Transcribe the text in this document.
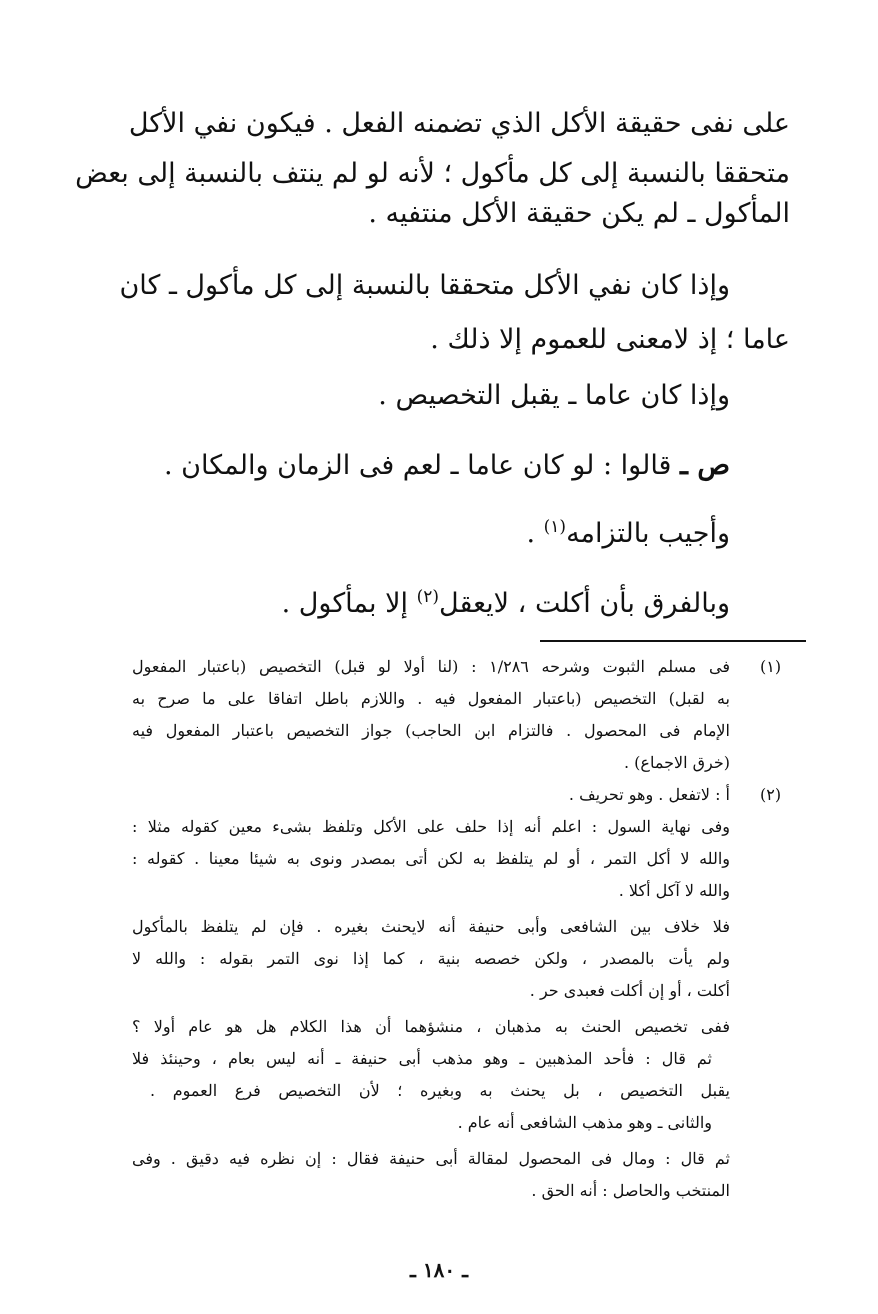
على نفى حقيقة الأكل الذي تضمنه الفعل . فيكون نفي الأكل
متحققا بالنسبة إلى كل مأكول ؛ لأنه لو لم ينتف بالنسبة إلى بعض
المأكول ـ لم يكن حقيقة الأكل منتفيه .
وإذا كان نفي الأكل متحققا بالنسبة إلى كل مأكول ـ كان
عاما ؛ إذ لامعنى للعموم إلا ذلك .
وإذا كان عاما ـ يقبل التخصيص .
ص ـ قالوا : لو كان عاما ـ لعم فى الزمان والمكان .
وأجيب بالتزامه$^{(١)}$ .
وبالفرق بأن أكلت ، لايعقل$^{(٢)}$ إلا بمأكول .
(١)
(٢)
فى مسلم الثبوت وشرحه ١/٢٨٦ : (لنا أولا لو قبل) التخصيص (باعتبار المفعول
به لقبل) التخصيص (باعتبار المفعول فيه . واللازم باطل اتفاقا على ما صرح به
الإمام فى المحصول . فالتزام ابن الحاجب) جواز التخصيص باعتبار المفعول فيه
(خرق الاجماع) .
أ : لاتفعل . وهو تحريف .
وفى نهاية السول : اعلم أنه إذا حلف على الأكل وتلفظ بشىء معين كقوله مثلا :
والله لا أكل التمر ، أو لم يتلفظ به لكن أتى بمصدر ونوى به شيئا معينا . كقوله :
والله لا آكل أكلا .
فلا خلاف بين الشافعى وأبى حنيفة أنه لايحنث بغيره . فإن لم يتلفظ بالمأكول
ولم يأت بالمصدر ، ولكن خصصه بنية ، كما إذا نوى التمر بقوله : والله لا
أكلت ، أو إن أكلت فعبدى حر .
ففى تخصيص الحنث به مذهبان ، منشؤهما أن هذا الكلام هل هو عام أولا ؟
ثم قال : فأحد المذهبين ـ وهو مذهب أبى حنيفة ـ أنه ليس بعام ، وحينئذ فلا
يقبل التخصيص ، بل يحنث به وبغيره ؛ لأن التخصيص فرع العموم .
والثانى ـ وهو مذهب الشافعى أنه عام .
ثم قال : ومال فى المحصول لمقالة أبى حنيفة فقال : إن نظره فيه دقيق . وفى
المنتخب والحاصل : أنه الحق .
ـ ١٨٠ ـ
